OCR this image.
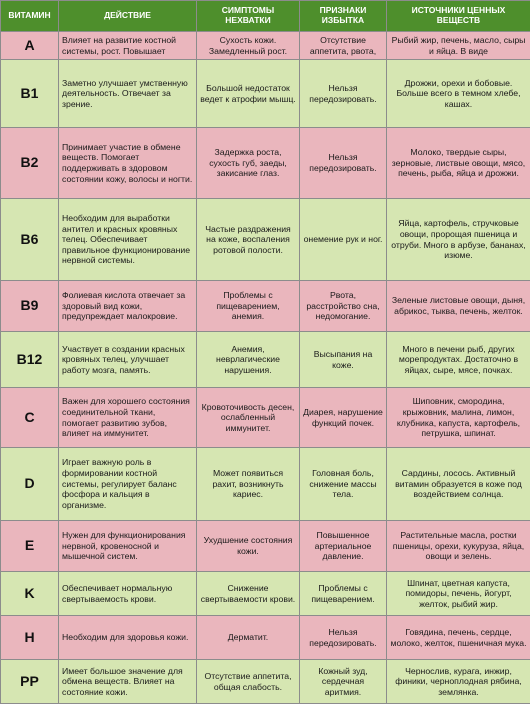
ВИТАМИН	ДЕЙСТВИЕ	СИМПТОМЫ НЕХВАТКИ	ПРИЗНАКИ ИЗБЫТКА	ИСТОЧНИКИ ЦЕННЫХ ВЕЩЕСТВ
A	Влияет на развитие костной системы, рост. Повышает	Сухость кожи. Замедленный рост.	Отсутствие аппетита, рвота,	Рыбий жир, печень, масло, сыры и яйца. В виде
B1	Заметно улучшает умственную деятельность. Отвечает за зрение.	Большой недостаток ведет к атрофии мышц.	Нельзя передозировать.	Дрожжи, орехи и бобовые. Больше всего в темном хлебе, кашах.
B2	Принимает участие в обмене веществ. Помогает поддерживать в здоровом состоянии кожу, волосы и ногти.	Задержка роста, сухость губ, заеды, закисание глаз.	Нельзя передозировать.	Молоко, твердые сыры, зерновые, листвые овощи, мясо, печень, рыба, яйца и дрожжи.
B6	Необходим для выработки антител и красных кровяных телец. Обеспечивает правильное функционирование нервной системы.	Частые раздражения на коже, воспаления ротовой полости.	онемение рук и ног.	Яйца, картофель, стручковые овощи, пророщая пшеница и отруби. Много в арбузе, бананах, изюме.
B9	Фолиевая кислота отвечает за здоровый вид кожи, предупреждает малокровие.	Проблемы с пищеварением, анемия.	Рвота, расстройство сна, недомогание.	Зеленые листовые овощи, дыня, абрикос, тыква, печень, желток.
B12	Участвует в создании красных кровяных телец, улучшает работу мозга, память.	Анемия, неврлагические нарушения.	Высыпания на коже.	Много в печени рыб, других морепродуктах. Достаточно в яйцах, сыре, мясе, почках.
C	Важен для хорошего состояния соединительной ткани, помогает развитию зубов, влияет на иммунитет.	Кровоточивость десен, ослабленный иммунитет.	Диарея, нарушение функций почек.	Шиповник, смородина, крыжовник, малина, лимон, клубника, капуста, картофель, петрушка, шпинат.
D	Играет важную роль в формировании костной системы, регулирует баланс фосфора и кальция в организме.	Может появиться рахит, возникнуть кариес.	Головная боль, снижение массы тела.	Сардины, лосось. Активный витамин образуется в коже под воздействием солнца.
E	Нужен для функционирования нервной, кровеносной и мышечной систем.	Ухудшение состояния кожи.	Повышенное артериальное давление.	Растительные масла, ростки пшеницы, орехи, кукуруза, яйца, овощи и зелень.
K	Обеспечивает нормальную свертываемость крови.	Снижение свертываемости крови.	Проблемы с пищеварением.	Шпинат, цветная капуста, помидоры, печень, йогурт, желток, рыбий жир.
H	Необходим для здоровья кожи.	Дерматит.	Нельзя передозировать.	Говядина, печень, сердце, молоко, желток, пшеничная мука.
PP	Имеет большое значение для обмена веществ. Влияет на состояние кожи.	Отсутствие аппетита, общая слабость.	Кожный зуд, сердечная аритмия.	Чернослив, курага, инжир, финики, черноплодная рябина, землянка.
